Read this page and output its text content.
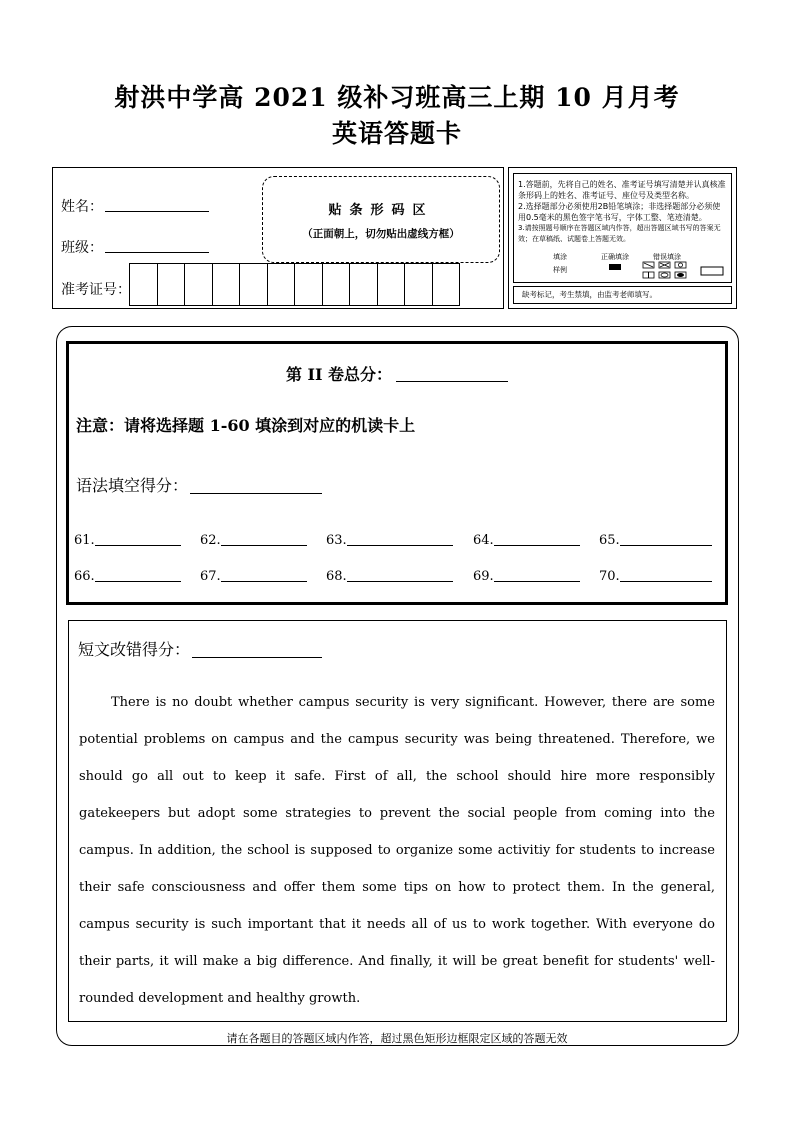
射洪中学高 2021 级补习班高三上期 10 月月考
英语答题卡
姓名：
班级：
准考证号：
贴条形码区
（正面朝上，切勿贴出虚线方框）

1.答题前，先将自己的姓名、准考证号填写清楚并认真核准条形码上的姓名、准考证号、座位号及类型名称。

2.选择题部分必须使用2B铅笔填涂；非选择题部分必须使用0.5毫米的黑色签字笔书写，字体工整、笔迹清楚。

3.请按照题号顺序在答题区域内作答，超出答题区域书写的答案无效；在草稿纸、试题卷上答题无效。

填涂
样例
正确填涂	错误填涂
缺考标记，考生禁填，由监考老师填写。
第 II 卷总分：
注意：请将选择题 1-60 填涂到对应的机读卡上
语法填空得分：
61.	62.	63.	64.	65.
66.	67.	68.	69.	70.
短文改错得分：
There is no doubt whether campus security is very significant. However, there are some potential problems on campus and the campus security was being threatened. Therefore, we should go all out to keep it safe. First of all, the school should hire more responsibly gatekeepers but adopt some strategies to prevent the social people from coming into the campus. In addition, the school is supposed to organize some activitiy for students to increase their safe consciousness and offer them some tips on how to protect them. In the general, campus security is such important that it needs all of us to work together. With everyone do their parts, it will make a big difference. And finally, it will be great benefit for students' well-rounded development and healthy growth.
请在各题目的答题区域内作答，超过黑色矩形边框限定区域的答题无效
